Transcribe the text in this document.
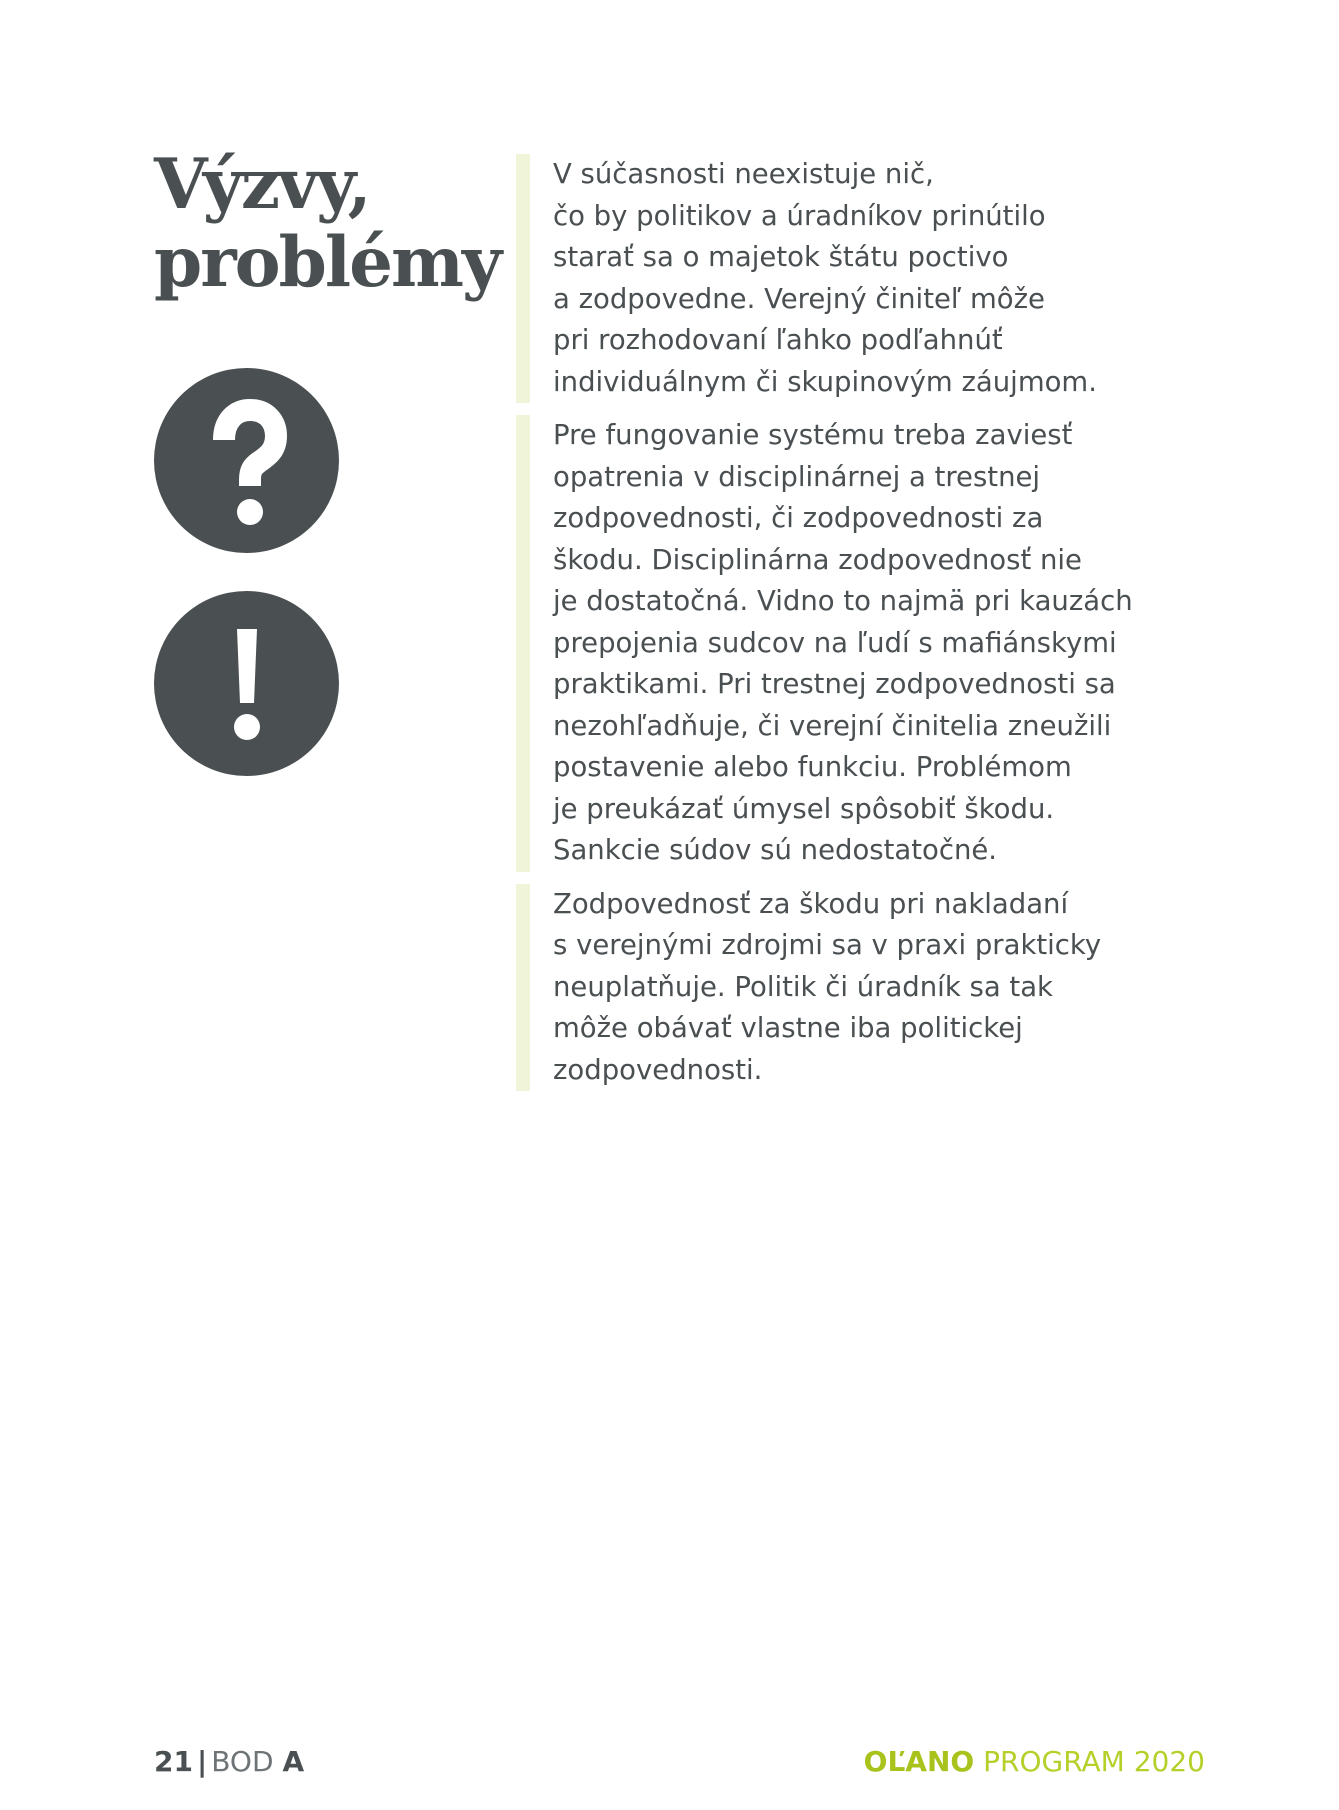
Výzvy,
problémy
V súčasnosti neexistuje nič,
čo by politikov a úradníkov prinútilo
starať sa o majetok štátu poctivo
a zodpovedne. Verejný činiteľ môže
pri rozhodovaní ľahko podľahnúť
individuálnym či skupinovým záujmom.
Pre fungovanie systému treba zaviesť
opatrenia v disciplinárnej a trestnej
zodpovednosti, či zodpovednosti za
škodu. Disciplinárna zodpovednosť nie
je dostatočná. Vidno to najmä pri kauzách
prepojenia sudcov na ľudí s mafiánskymi
praktikami. Pri trestnej zodpovednosti sa
nezohľadňuje, či verejní činitelia zneužili
postavenie alebo funkciu. Problémom
je preukázať úmysel spôsobiť škodu.
Sankcie súdov sú nedostatočné.
Zodpovednosť za škodu pri nakladaní
s verejnými zdrojmi sa v praxi prakticky
neuplatňuje. Politik či úradník sa tak
môže obávať vlastne iba politickej
zodpovednosti.
21 | BOD A	OĽANO PROGRAM 2020
